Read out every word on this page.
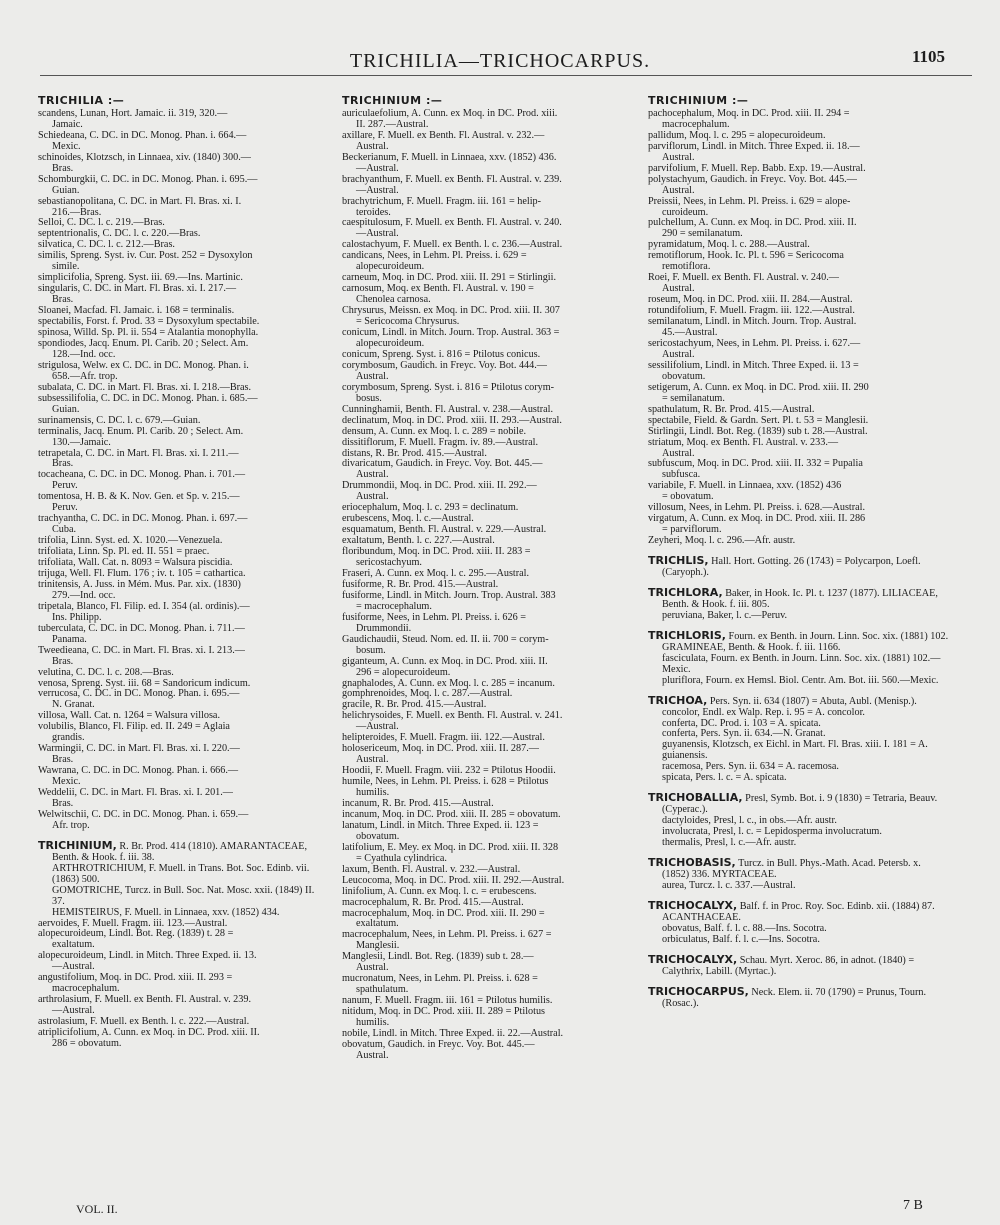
TRICHILIA—TRICHOCARPUS.	1105

TRICHILIA :—

scandens, Lunan, Hort. Jamaic. ii. 319, 320.—
Jamaic.

Schiedeana, C. DC. in DC. Monog. Phan. i. 664.—
Mexic.

schinoides, Klotzsch, in Linnaea, xiv. (1840) 300.—
Bras.

Schomburgkii, C. DC. in DC. Monog. Phan. i. 695.—
Guian.

sebastianopolitana, C. DC. in Mart. Fl. Bras. xi. I.
216.—Bras.

Selloi, C. DC. l. c. 219.—Bras.

septentrionalis, C. DC. l. c. 220.—Bras.

silvatica, C. DC. l. c. 212.—Bras.

similis, Spreng. Syst. iv. Cur. Post. 252 = Dysoxylon
simile.

simplicifolia, Spreng. Syst. iii. 69.—Ins. Martinic.

singularis, C. DC. in Mart. Fl. Bras. xi. I. 217.—
Bras.

Sloanei, Macfad. Fl. Jamaic. i. 168 = terminalis.

spectabilis, Forst. f. Prod. 33 = Dysoxylum spectabile.

spinosa, Willd. Sp. Pl. ii. 554 = Atalantia monophylla.

spondiodes, Jacq. Enum. Pl. Carib. 20 ; Select. Am.
128.—Ind. occ.

strigulosa, Welw. ex C. DC. in DC. Monog. Phan. i.
658.—Afr. trop.

subalata, C. DC. in Mart. Fl. Bras. xi. I. 218.—Bras.

subsessilifolia, C. DC. in DC. Monog. Phan. i. 685.—
Guian.

surinamensis, C. DC. l. c. 679.—Guian.

terminalis, Jacq. Enum. Pl. Carib. 20 ; Select. Am.
130.—Jamaic.

tetrapetala, C. DC. in Mart. Fl. Bras. xi. I. 211.—
Bras.

tocacheana, C. DC. in DC. Monog. Phan. i. 701.—
Peruv.

tomentosa, H. B. & K. Nov. Gen. et Sp. v. 215.—
Peruv.

trachyantha, C. DC. in DC. Monog. Phan. i. 697.—
Cuba.

trifolia, Linn. Syst. ed. X. 1020.—Venezuela.

trifoliata, Linn. Sp. Pl. ed. II. 551 = praec.

trifoliata, Wall. Cat. n. 8093 = Walsura piscidia.

trijuga, Well. Fl. Flum. 176 ; iv. t. 105 = cathartica.

trinitensis, A. Juss. in Mém. Mus. Par. xix. (1830)
279.—Ind. occ.

tripetala, Blanco, Fl. Filip. ed. I. 354 (al. ordinis).—
Ins. Philipp.

tuberculata, C. DC. in DC. Monog. Phan. i. 711.—
Panama.

Tweedieana, C. DC. in Mart. Fl. Bras. xi. I. 213.—
Bras.

velutina, C. DC. l. c. 208.—Bras.

venosa, Spreng. Syst. iii. 68 = Sandoricum indicum.

verrucosa, C. DC. in DC. Monog. Phan. i. 695.—
N. Granat.

villosa, Wall. Cat. n. 1264 = Walsura villosa.

volubilis, Blanco, Fl. Filip. ed. II. 249 = Aglaia
grandis.

Warmingii, C. DC. in Mart. Fl. Bras. xi. I. 220.—
Bras.

Wawrana, C. DC. in DC. Monog. Phan. i. 666.—
Mexic.

Weddelii, C. DC. in Mart. Fl. Bras. xi. I. 201.—
Bras.

Welwitschii, C. DC. in DC. Monog. Phan. i. 659.—
Afr. trop.

TRICHINIUM, R. Br. Prod. 414 (1810). AMARANTACEAE, Benth. & Hook. f. iii. 38.
ARTHROTRICHIUM, F. Muell. in Trans. Bot. Soc. Edinb. vii. (1863) 500.
GOMOTRICHE, Turcz. in Bull. Soc. Nat. Mosc. xxii. (1849) II. 37.
HEMISTEIRUS, F. Muell. in Linnaea, xxv. (1852) 434.

aervoides, F. Muell. Fragm. iii. 123.—Austral.

alopecuroideum, Lindl. Bot. Reg. (1839) t. 28 =
exaltatum.

alopecuroideum, Lindl. in Mitch. Three Exped. ii. 13.
—Austral.

angustifolium, Moq. in DC. Prod. xiii. II. 293 =
macrocephalum.

arthrolasium, F. Muell. ex Benth. Fl. Austral. v. 239.
—Austral.

astrolasium, F. Muell. ex Benth. l. c. 222.—Austral.

atriplicifolium, A. Cunn. ex Moq. in DC. Prod. xiii. II.
286 = obovatum.

TRICHINIUM :—

auriculaefolium, A. Cunn. ex Moq. in DC. Prod. xiii.
II. 287.—Austral.

axillare, F. Muell. ex Benth. Fl. Austral. v. 232.—
Austral.

Beckerianum, F. Muell. in Linnaea, xxv. (1852) 436.
—Austral.

brachyanthum, F. Muell. ex Benth. Fl. Austral. v. 239.
—Austral.

brachytrichum, F. Muell. Fragm. iii. 161 = helip-
teroides.

caespitulosum, F. Muell. ex Benth. Fl. Austral. v. 240.
—Austral.

calostachyum, F. Muell. ex Benth. l. c. 236.—Austral.

candicans, Nees, in Lehm. Pl. Preiss. i. 629 =
alopecuroideum.

carneum, Moq. in DC. Prod. xiii. II. 291 = Stirlingii.

carnosum, Moq. ex Benth. Fl. Austral. v. 190 =
Chenolea carnosa.

Chrysurus, Meissn. ex Moq. in DC. Prod. xiii. II. 307
= Sericocoma Chrysurus.

conicum, Lindl. in Mitch. Journ. Trop. Austral. 363 =
alopecuroideum.

conicum, Spreng. Syst. i. 816 = Ptilotus conicus.

corymbosum, Gaudich. in Freyc. Voy. Bot. 444.—
Austral.

corymbosum, Spreng. Syst. i. 816 = Ptilotus corym-
bosus.

Cunninghamii, Benth. Fl. Austral. v. 238.—Austral.

declinatum, Moq. in DC. Prod. xiii. II. 293.—Austral.

densum, A. Cunn. ex Moq. l. c. 289 = nobile.

dissitiflorum, F. Muell. Fragm. iv. 89.—Austral.

distans, R. Br. Prod. 415.—Austral.

divaricatum, Gaudich. in Freyc. Voy. Bot. 445.—
Austral.

Drummondii, Moq. in DC. Prod. xiii. II. 292.—
Austral.

eriocephalum, Moq. l. c. 293 = declinatum.

erubescens, Moq. l. c.—Austral.

esquamatum, Benth. Fl. Austral. v. 229.—Austral.

exaltatum, Benth. l. c. 227.—Austral.

floribundum, Moq. in DC. Prod. xiii. II. 283 =
sericostachyum.

Fraseri, A. Cunn. ex Moq. l. c. 295.—Austral.

fusiforme, R. Br. Prod. 415.—Austral.

fusiforme, Lindl. in Mitch. Journ. Trop. Austral. 383
= macrocephalum.

fusiforme, Nees, in Lehm. Pl. Preiss. i. 626 =
Drummondii.

Gaudichaudii, Steud. Nom. ed. II. ii. 700 = corym-
bosum.

giganteum, A. Cunn. ex Moq. in DC. Prod. xiii. II.
296 = alopecuroideum.

gnaphalodes, A. Cunn. ex Moq. l. c. 285 = incanum.

gomphrenoides, Moq. l. c. 287.—Austral.

gracile, R. Br. Prod. 415.—Austral.

helichrysoides, F. Muell. ex Benth. Fl. Austral. v. 241.
—Austral.

helipteroides, F. Muell. Fragm. iii. 122.—Austral.

holosericeum, Moq. in DC. Prod. xiii. II. 287.—
Austral.

Hoodii, F. Muell. Fragm. viii. 232 = Ptilotus Hoodii.

humile, Nees, in Lehm. Pl. Preiss. i. 628 = Ptilotus
humilis.

incanum, R. Br. Prod. 415.—Austral.

incanum, Moq. in DC. Prod. xiii. II. 285 = obovatum.

lanatum, Lindl. in Mitch. Three Exped. ii. 123 =
obovatum.

latifolium, E. Mey. ex Moq. in DC. Prod. xiii. II. 328
= Cyathula cylindrica.

laxum, Benth. Fl. Austral. v. 232.—Austral.

Leucocoma, Moq. in DC. Prod. xiii. II. 292.—Austral.

linifolium, A. Cunn. ex Moq. l. c. = erubescens.

macrocephalum, R. Br. Prod. 415.—Austral.

macrocephalum, Moq. in DC. Prod. xiii. II. 290 =
exaltatum.

macrocephalum, Nees, in Lehm. Pl. Preiss. i. 627 =
Manglesii.

Manglesii, Lindl. Bot. Reg. (1839) sub t. 28.—
Austral.

mucronatum, Nees, in Lehm. Pl. Preiss. i. 628 =
spathulatum.

nanum, F. Muell. Fragm. iii. 161 = Ptilotus humilis.

nitidum, Moq. in DC. Prod. xiii. II. 289 = Ptilotus
humilis.

nobile, Lindl. in Mitch. Three Exped. ii. 22.—Austral.

obovatum, Gaudich. in Freyc. Voy. Bot. 445.—
Austral.

TRICHINIUM :—

pachocephalum, Moq. in DC. Prod. xiii. II. 294 =
macrocephalum.

pallidum, Moq. l. c. 295 = alopecuroideum.

parviflorum, Lindl. in Mitch. Three Exped. ii. 18.—
Austral.

parvifolium, F. Muell. Rep. Babb. Exp. 19.—Austral.

polystachyum, Gaudich. in Freyc. Voy. Bot. 445.—
Austral.

Preissii, Nees, in Lehm. Pl. Preiss. i. 629 = alope-
curoideum.

pulchellum, A. Cunn. ex Moq. in DC. Prod. xiii. II.
290 = semilanatum.

pyramidatum, Moq. l. c. 288.—Austral.

remotiflorum, Hook. Ic. Pl. t. 596 = Sericocoma
remotiflora.

Roei, F. Muell. ex Benth. Fl. Austral. v. 240.—
Austral.

roseum, Moq. in DC. Prod. xiii. II. 284.—Austral.

rotundifolium, F. Muell. Fragm. iii. 122.—Austral.

semilanatum, Lindl. in Mitch. Journ. Trop. Austral.
45.—Austral.

sericostachyum, Nees, in Lehm. Pl. Preiss. i. 627.—
Austral.

sessilifolium, Lindl. in Mitch. Three Exped. ii. 13 =
obovatum.

setigerum, A. Cunn. ex Moq. in DC. Prod. xiii. II. 290
= semilanatum.

spathulatum, R. Br. Prod. 415.—Austral.

spectabile, Field. & Gardn. Sert. Pl. t. 53 = Manglesii.

Stirlingii, Lindl. Bot. Reg. (1839) sub t. 28.—Austral.

striatum, Moq. ex Benth. Fl. Austral. v. 233.—
Austral.

subfuscum, Moq. in DC. Prod. xiii. II. 332 = Pupalia
subfusca.

variabile, F. Muell. in Linnaea, xxv. (1852) 436
= obovatum.

villosum, Nees, in Lehm. Pl. Preiss. i. 628.—Austral.

virgatum, A. Cunn. ex Moq. in DC. Prod. xiii. II. 286
= parviflorum.

Zeyheri, Moq. l. c. 296.—Afr. austr.

TRICHLIS, Hall. Hort. Gotting. 26 (1743) = Polycarpon, Loefl. (Caryoph.).

TRICHLORA, Baker, in Hook. Ic. Pl. t. 1237 (1877). LILIACEAE, Benth. & Hook. f. iii. 805.
peruviana, Baker, l. c.—Peruv.

TRICHLORIS, Fourn. ex Benth. in Journ. Linn. Soc. xix. (1881) 102. GRAMINEAE, Benth. & Hook. f. iii. 1166.
fasciculata, Fourn. ex Benth. in Journ. Linn. Soc. xix. (1881) 102.—Mexic.
pluriflora, Fourn. ex Hemsl. Biol. Centr. Am. Bot. iii. 560.—Mexic.

TRICHOA, Pers. Syn. ii. 634 (1807) = Abuta, Aubl. (Menisp.).
concolor, Endl. ex Walp. Rep. i. 95 = A. concolor.
conferta, DC. Prod. i. 103 = A. spicata.
conferta, Pers. Syn. ii. 634.—N. Granat.
guyanensis, Klotzsch, ex Eichl. in Mart. Fl. Bras. xiii. I. 181 = A. guianensis.
racemosa, Pers. Syn. ii. 634 = A. racemosa.
spicata, Pers. l. c. = A. spicata.

TRICHOBALLIA, Presl, Symb. Bot. i. 9 (1830) = Tetraria, Beauv. (Cyperac.).
dactyloides, Presl, l. c., in obs.—Afr. austr.
involucrata, Presl, l. c. = Lepidosperma involucratum.
thermalis, Presl, l. c.—Afr. austr.

TRICHOBASIS, Turcz. in Bull. Phys.-Math. Acad. Petersb. x. (1852) 336. MYRTACEAE.
aurea, Turcz. l. c. 337.—Austral.

TRICHOCALYX, Balf. f. in Proc. Roy. Soc. Edinb. xii. (1884) 87. ACANTHACEAE.
obovatus, Balf. f. l. c. 88.—Ins. Socotra.
orbiculatus, Balf. f. l. c.—Ins. Socotra.

TRICHOCALYX, Schau. Myrt. Xeroc. 86, in adnot. (1840) = Calythrix, Labill. (Myrtac.).

TRICHOCARPUS, Neck. Elem. ii. 70 (1790) = Prunus, Tourn. (Rosac.).

VOL. II.	7 B
